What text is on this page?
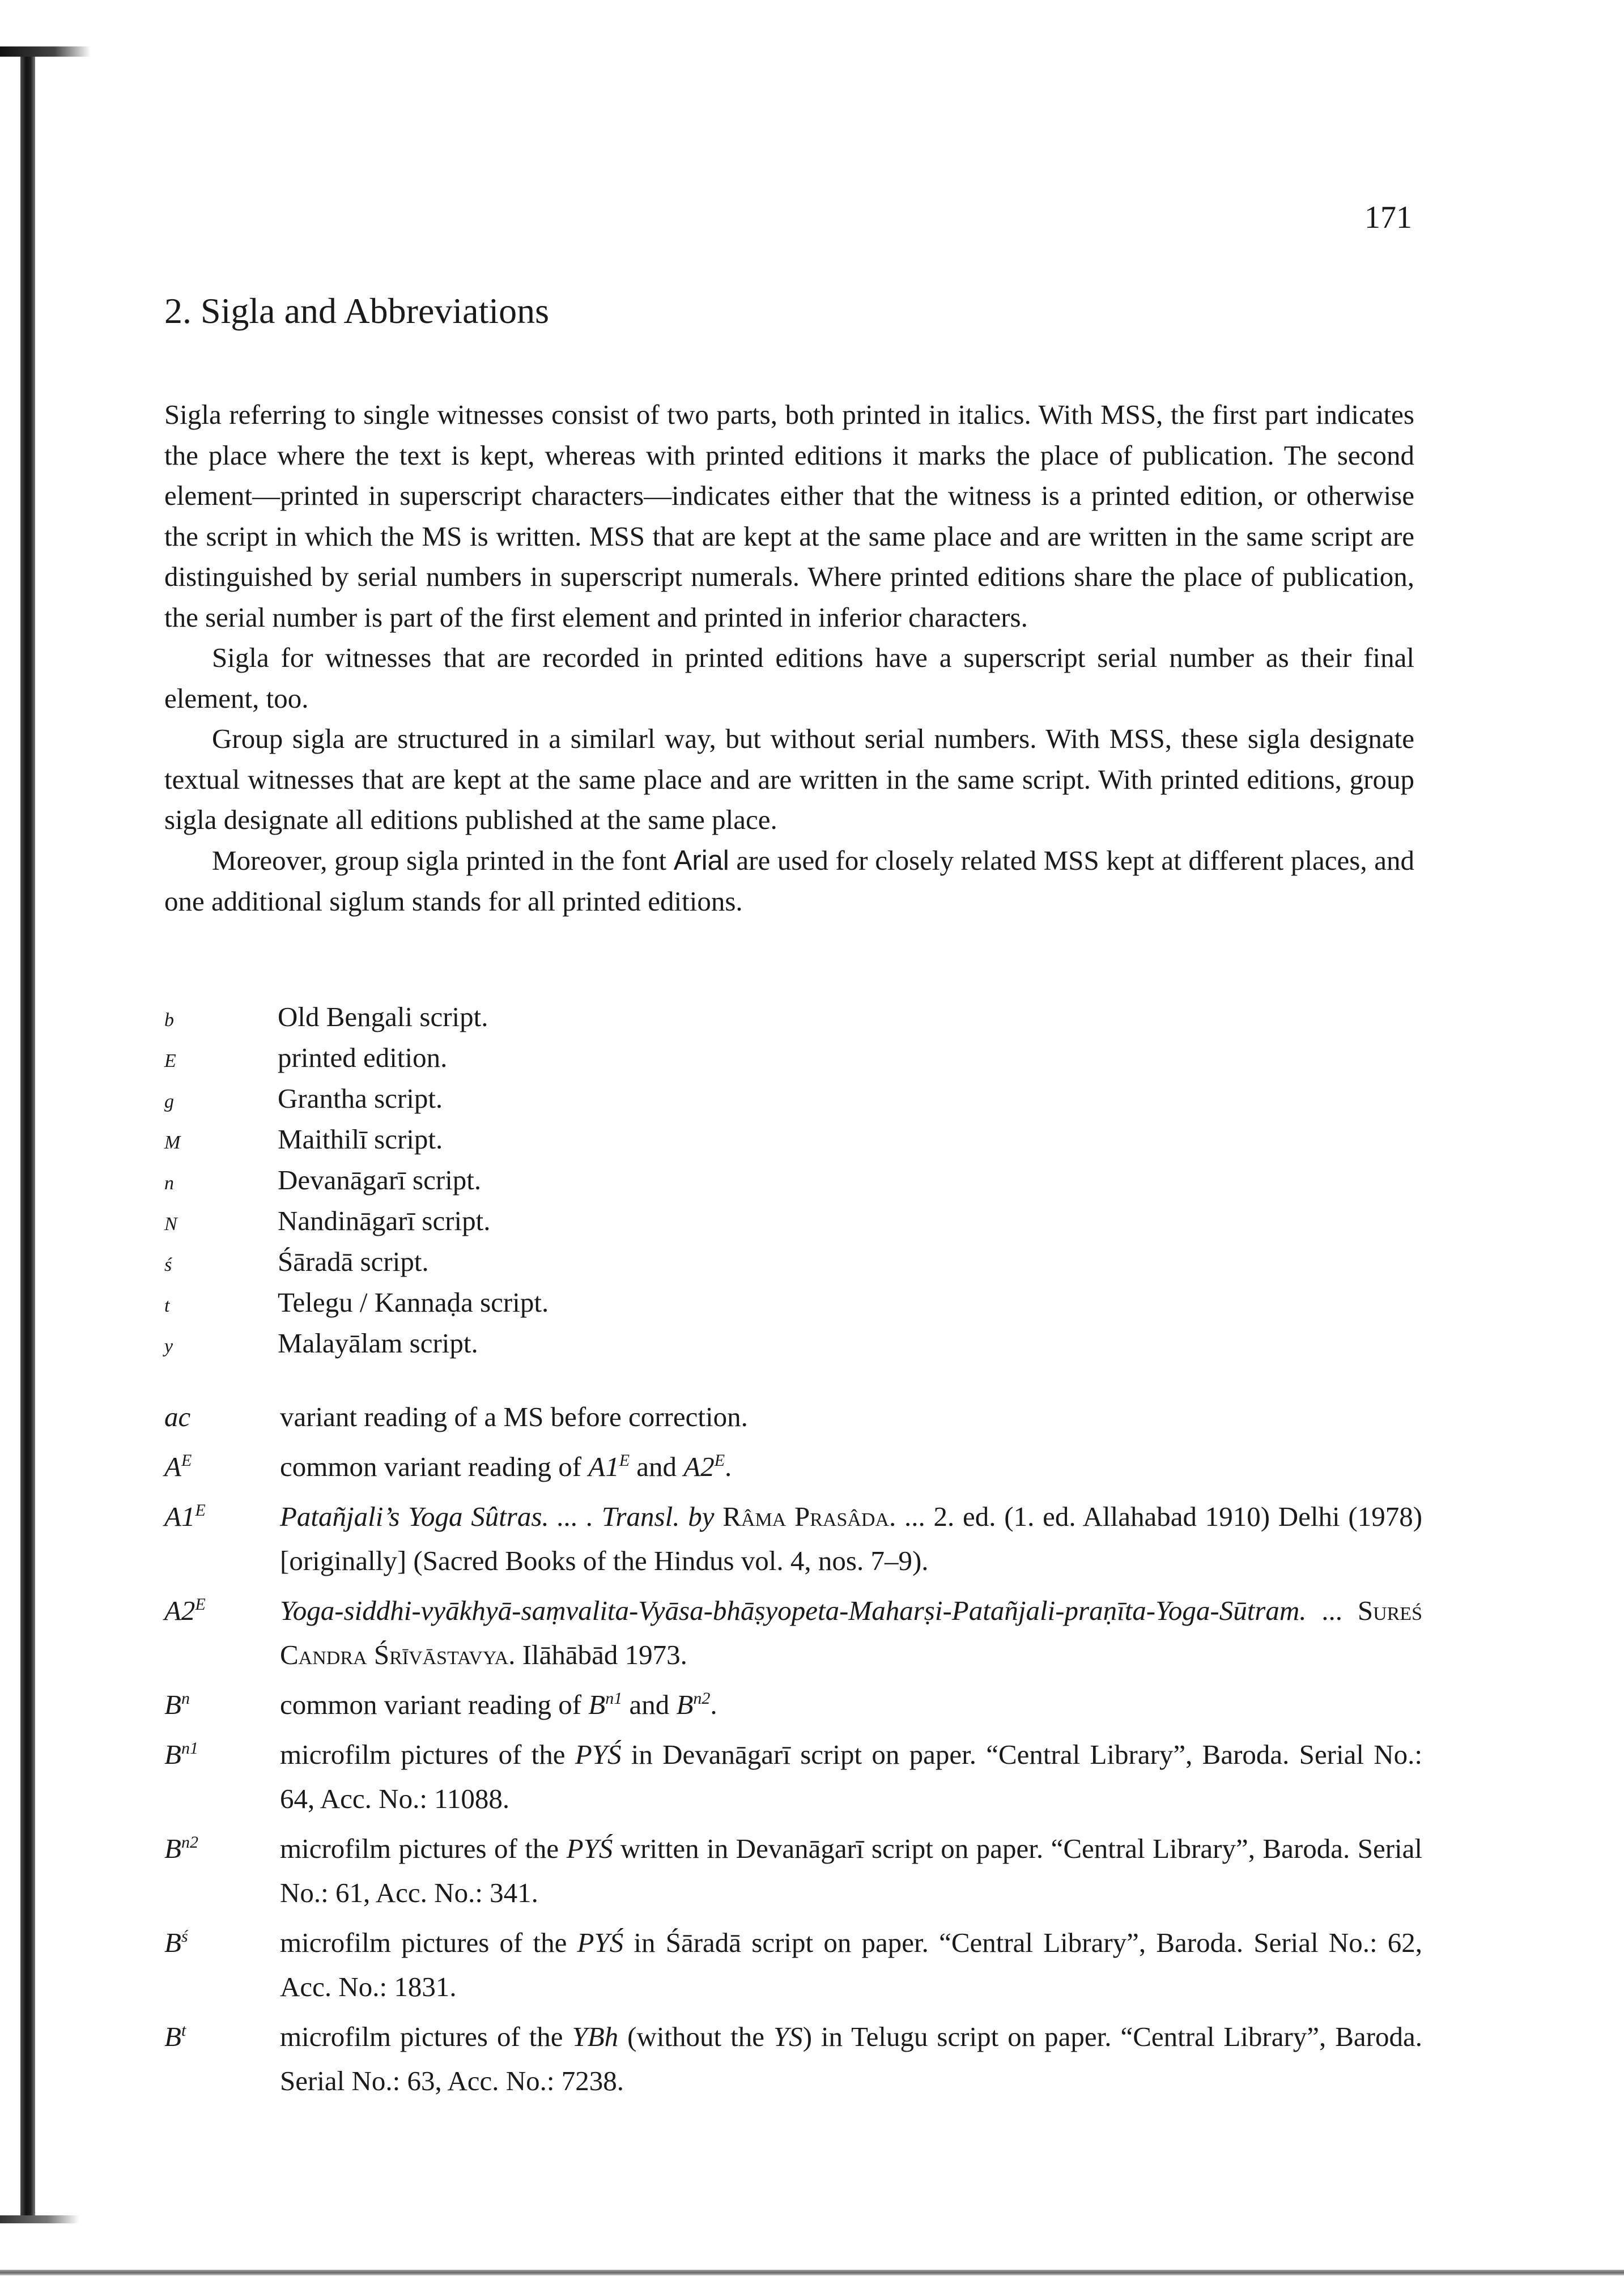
171
2. Sigla and Abbreviations

Sigla referring to single witnesses consist of two parts, both printed in italics. With MSS, the first part indicates the place where the text is kept, whereas with printed editions it marks the place of publication. The second element—printed in superscript characters—indicates either that the witness is a printed edition, or otherwise the script in which the MS is written. MSS that are kept at the same place and are written in the same script are distinguished by serial numbers in superscript numerals. Where printed editions share the place of publication, the serial number is part of the first element and printed in inferior characters.

Sigla for witnesses that are recorded in printed editions have a superscript serial number as their final element, too.

Group sigla are structured in a similarl way, but without serial numbers. With MSS, these sigla designate textual witnesses that are kept at the same place and are written in the same script. With printed editions, group sigla designate all editions published at the same place.

Moreover, group sigla printed in the font Arial are used for closely related MSS kept at different places, and one additional siglum stands for all printed editions.

b	Old Bengali script.
E	printed edition.
g	Grantha script.
M	Maithilī script.
n	Devanāgarī script.
N	Nandināgarī script.
ś	Śāradā script.
t	Telegu / Kannaḍa script.
y	Malayālam script.
ac	variant reading of a MS before correction.
$A^E$	common variant reading of $A1^E$ and $A2^E$.
$A1^E$	Patañjali’s Yoga Sûtras. ... . Transl. by Râma Prasâda. ... 2. ed. (1. ed. Allahabad 1910) Delhi (1978) [originally] (Sacred Books of the Hindus vol. 4, nos. 7–9).
$A2^E$	Yoga-siddhi-vyākhyā-saṃvalita-Vyāsa-bhāṣyopeta-Maharṣi-Patañjali-praṇīta-Yoga-Sūtram. ... Sureś Candra Śrīvāstavya. Ilāhābād 1973.
$B^n$	common variant reading of $B^{n1}$ and $B^{n2}$.
$B^{n1}$	microfilm pictures of the PYŚ in Devanāgarī script on paper. “Central Library”, Baroda. Serial No.: 64, Acc. No.: 11088.
$B^{n2}$	microfilm pictures of the PYŚ written in Devanāgarī script on paper. “Central Library”, Baroda. Serial No.: 61, Acc. No.: 341.
$B^ś$	microfilm pictures of the PYŚ in Śāradā script on paper. “Central Library”, Baroda. Serial No.: 62, Acc. No.: 1831.
$B^t$	microfilm pictures of the YBh (without the YS) in Telugu script on paper. “Central Library”, Baroda. Serial No.: 63, Acc. No.: 7238.
